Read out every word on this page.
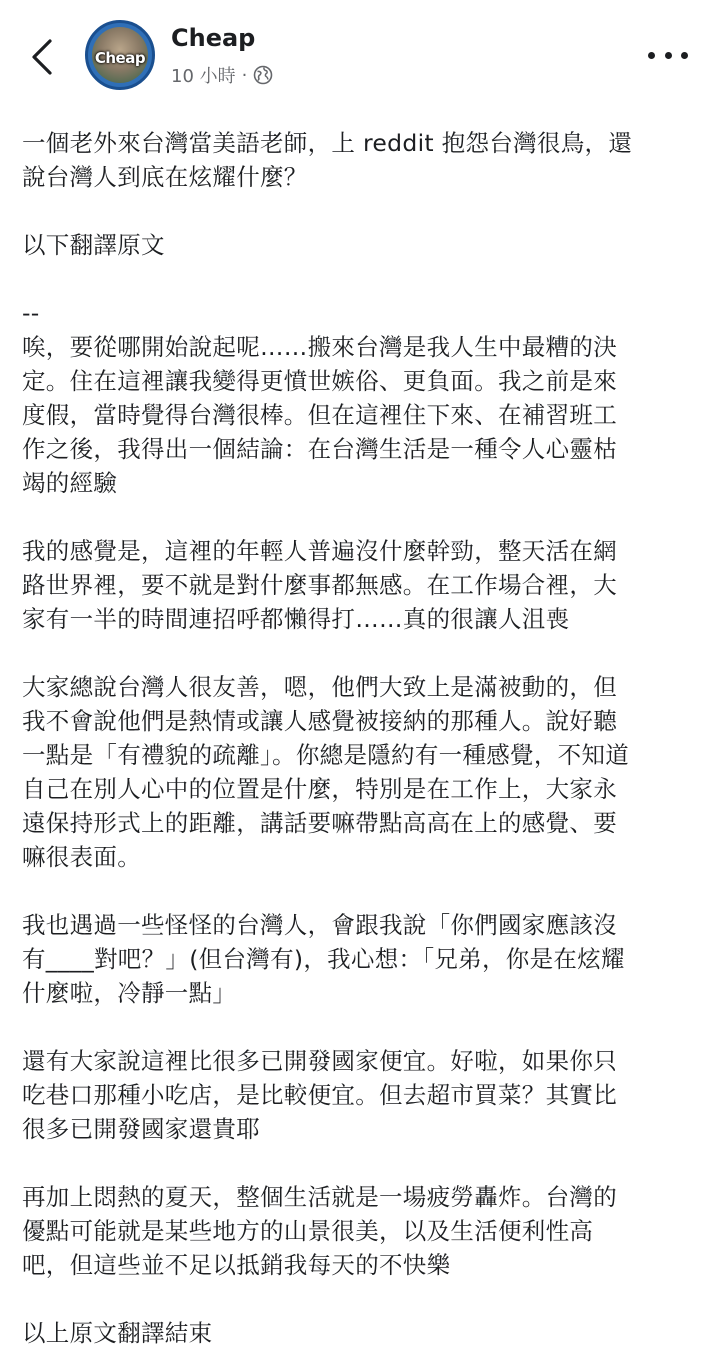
Cheap
Cheap
10 小時 ·
一個老外來台灣當美語老師，上 reddit 抱怨台灣很鳥，還
說台灣人到底在炫耀什麼？
以下翻譯原文
--
唉，要從哪開始說起呢……搬來台灣是我人生中最糟的決
定。住在這裡讓我變得更憤世嫉俗、更負面。我之前是來
度假，當時覺得台灣很棒。但在這裡住下來、在補習班工
作之後，我得出一個結論：在台灣生活是一種令人心靈枯
竭的經驗
我的感覺是，這裡的年輕人普遍沒什麼幹勁，整天活在網
路世界裡，要不就是對什麼事都無感。在工作場合裡，大
家有一半的時間連招呼都懶得打……真的很讓人沮喪
大家總說台灣人很友善，嗯，他們大致上是滿被動的，但
我不會說他們是熱情或讓人感覺被接納的那種人。說好聽
一點是「有禮貌的疏離」。你總是隱約有一種感覺，不知道
自己在別人心中的位置是什麼，特別是在工作上，大家永
遠保持形式上的距離，講話要嘛帶點高高在上的感覺、要
嘛很表面。
我也遇過一些怪怪的台灣人，會跟我說「你們國家應該沒
有____對吧？」(但台灣有)，我心想：「兄弟，你是在炫耀
什麼啦，冷靜一點」
還有大家說這裡比很多已開發國家便宜。好啦，如果你只
吃巷口那種小吃店，是比較便宜。但去超市買菜？其實比
很多已開發國家還貴耶
再加上悶熱的夏天，整個生活就是一場疲勞轟炸。台灣的
優點可能就是某些地方的山景很美，以及生活便利性高
吧，但這些並不足以抵銷我每天的不快樂
以上原文翻譯結束
